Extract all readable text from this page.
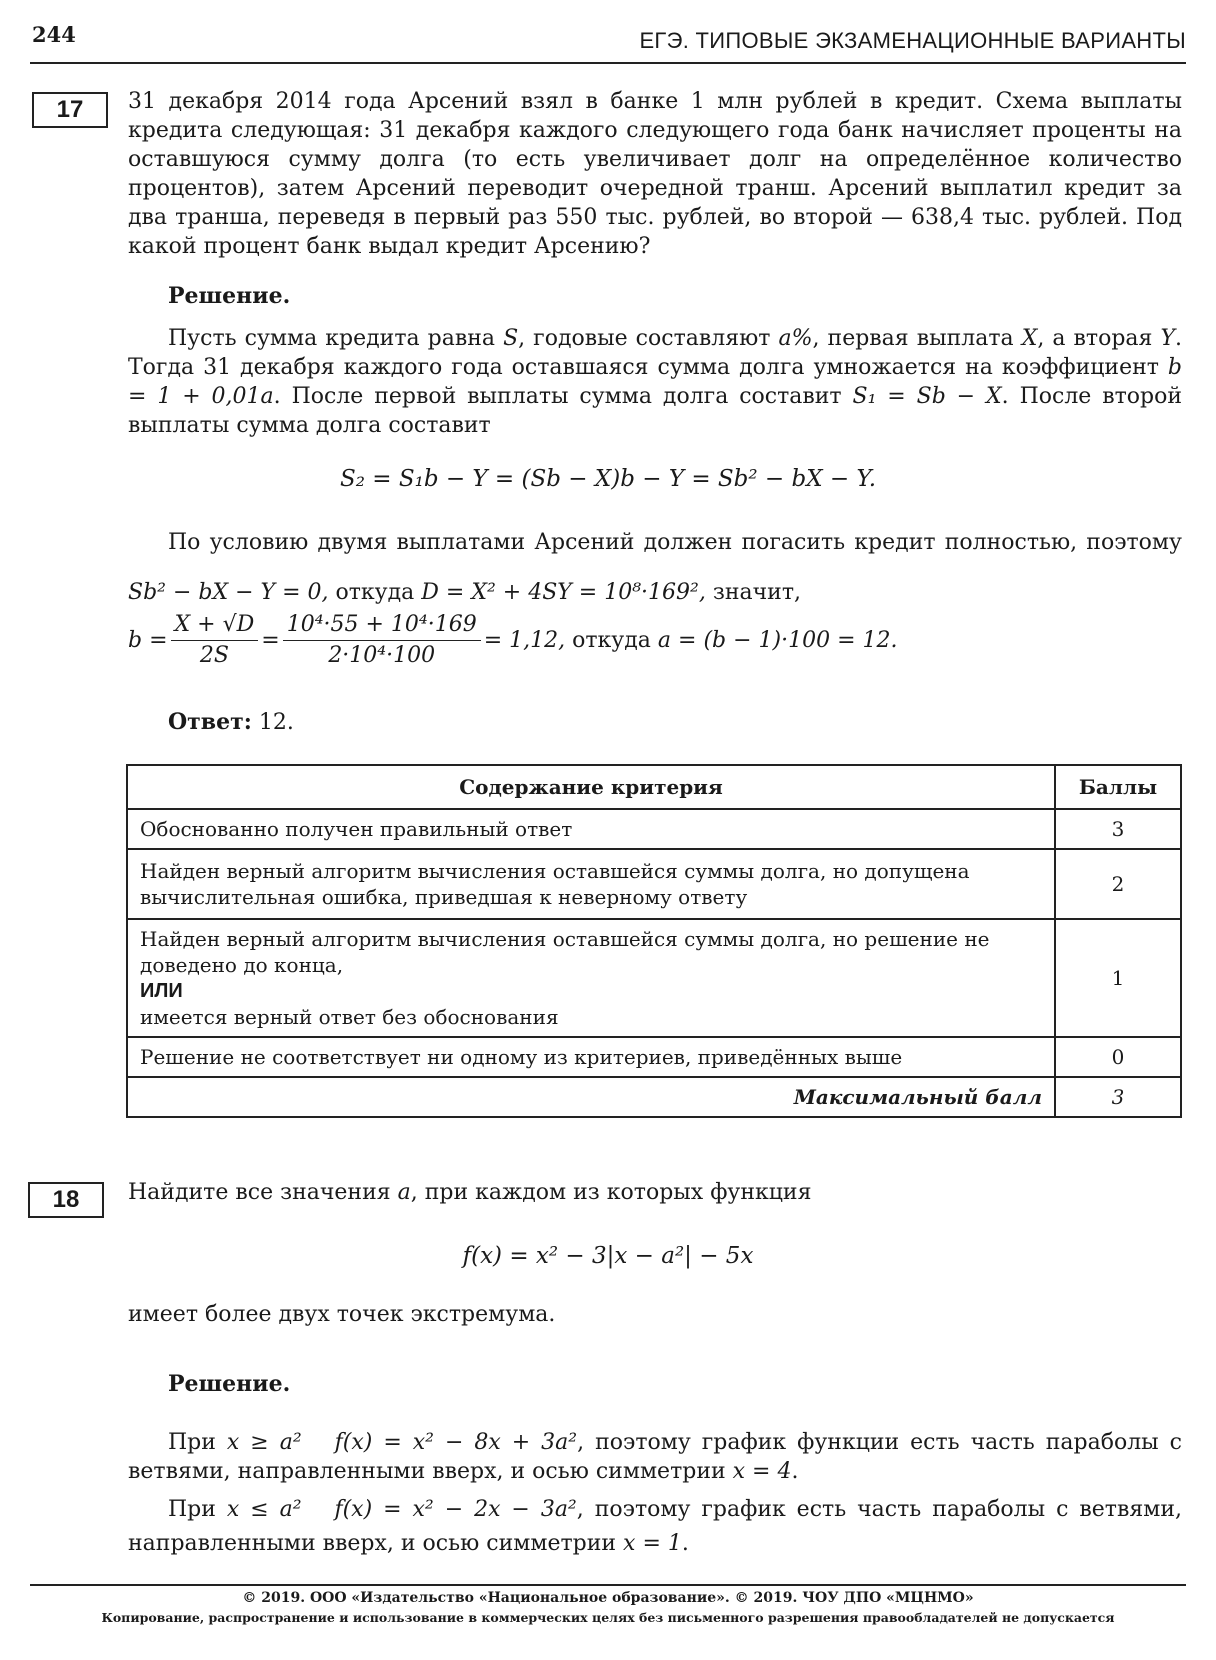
244	ЕГЭ. ТИПОВЫЕ ЭКЗАМЕНАЦИОННЫЕ ВАРИАНТЫ
17	31 декабря 2014 года Арсений взял в банке 1 млн рублей в кредит. Схема выплаты кредита следующая: 31 декабря каждого следующего года банк начисляет проценты на оставшуюся сумму долга (то есть увеличивает долг на определённое количество процентов), затем Арсений переводит очередной транш. Арсений выплатил кредит за два транша, переведя в первый раз 550 тыс. рублей, во второй — 638,4 тыс. рублей. Под какой процент банк выдал кредит Арсению?

Решение.

Пусть сумма кредита равна S, годовые составляют a%, первая выплата X, а вторая Y. Тогда 31 декабря каждого года оставшаяся сумма долга умножается на коэффициент b = 1 + 0,01a. После первой выплаты сумма долга составит S₁ = Sb − X. После второй выплаты сумма долга составит

S₂ = S₁b − Y = (Sb − X)b − Y = Sb² − bX − Y.

По условию двумя выплатами Арсений должен погасить кредит полностью, поэтому Sb² − bX − Y = 0, откуда D = X² + 4SY = 10⁸·169², значит,

$b = \frac{X + √D}{2S} = \frac{\text{10⁴·55 + 10⁴·169}}{\text{2·10⁴·100}} = 1,12$, откуда a = (b − 1)·100 = 12.
Ответ: 12.
Содержание критерия	Баллы
Обоснованно получен правильный ответ	3
Найден верный алгоритм вычисления оставшейся суммы долга, но допущена вычислительная ошибка, приведшая к неверному ответу	2

Найден верный алгоритм вычисления оставшейся суммы долга, но решение не доведено до конца,
ИЛИ
имеется верный ответ без обоснования	1
Решение не соответствует ни одному из критериев, приведённых выше	0
Максимальный балл	3
18	Найдите все значения a, при каждом из которых функция
f(x) = x² − 3|x − a²| − 5x
имеет более двух точек экстремума.
Решение.

При x ≥ a² f(x) = x² − 8x + 3a², поэтому график функции есть часть параболы с ветвями, направленными вверх, и осью симметрии x = 4.

При x ≤ a² f(x) = x² − 2x − 3a², поэтому график есть часть параболы с ветвями, направленными вверх, и осью симметрии x = 1.

© 2019. ООО «Издательство «Национальное образование». © 2019. ЧОУ ДПО «МЦНМО»
Копирование, распространение и использование в коммерческих целях без письменного разрешения правообладателей не допускается
